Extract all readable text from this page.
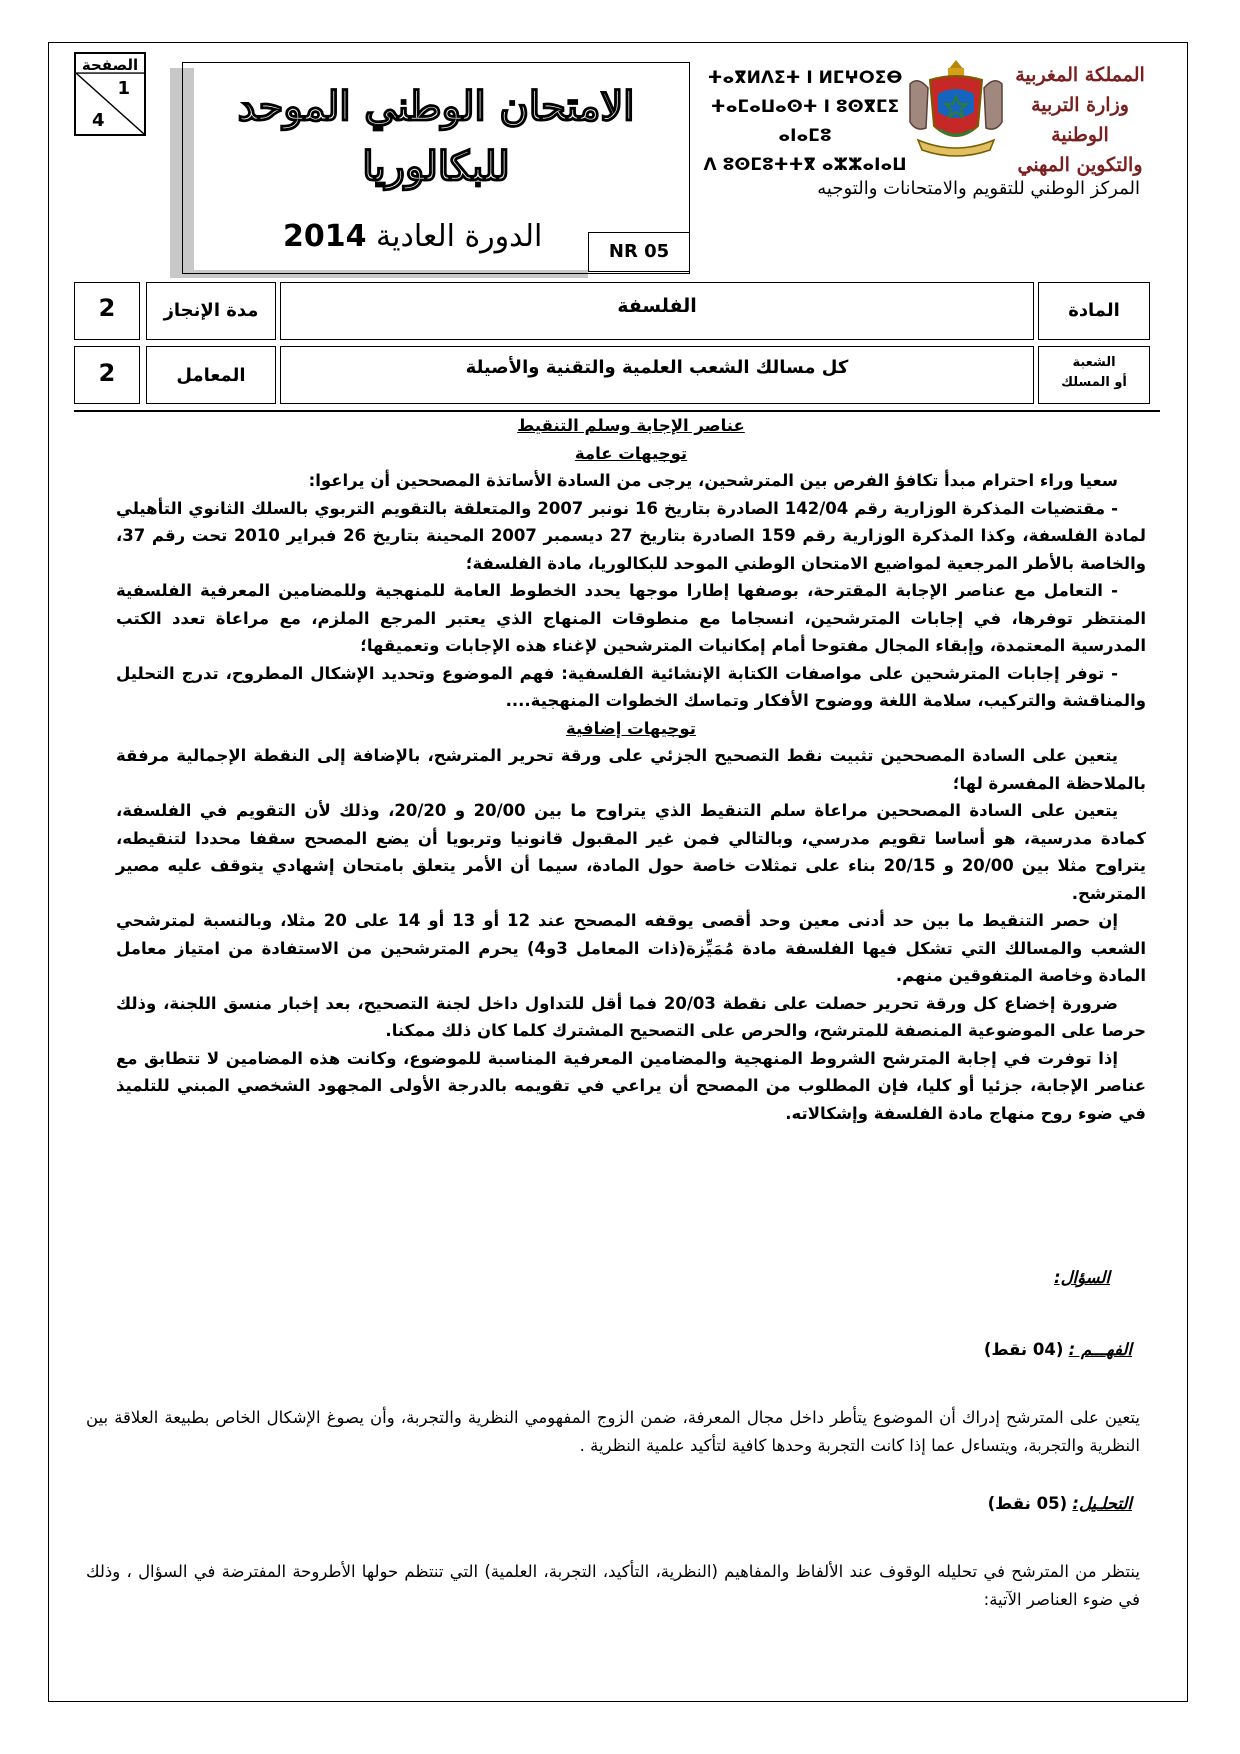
الصفحة
1
4	الامتحان الوطني الموحد
للبكالوريا
الدورة العادية 2014	NR 05
ⵜⴰⴳⵍⴷⵉⵜ ⵏ ⵍⵎⵖⵔⵉⴱ
ⵜⴰⵎⴰⵡⴰⵙⵜ ⵏ ⵓⵙⴳⵎⵉ ⴰⵏⴰⵎⵓ
ⴷ ⵓⵙⵎⵓⵜⵜⴳ ⴰⵣⵣⴰⵏⴰⵡ
المملكة المغربية
وزارة التربية الوطنية
والتكوين المهني
المركز الوطني للتقويم والامتحانات والتوجيه
2	مدة الإنجاز	الفلسفة	المادة
2	المعامل	كل مسالك الشعب العلمية والتقنية والأصيلة	الشعبة
أو المسلك

عناصر الإجابة وسلم التنقيط

توجيهات عامة

سعيا وراء احترام مبدأ تكافؤ الفرص بين المترشحين، يرجى من السادة الأساتذة المصححين أن يراعوا:

- مقتضيات المذكرة الوزارية رقم 142/04 الصادرة بتاريخ 16 نونبر 2007 والمتعلقة بالتقويم التربوي بالسلك الثانوي التأهيلي لمادة الفلسفة، وكذا المذكرة الوزارية رقم 159 الصادرة بتاريخ 27 ديسمبر 2007 المحينة بتاريخ 26 فبراير 2010 تحت رقم 37، والخاصة بالأطر المرجعية لمواضيع الامتحان الوطني الموحد للبكالوريا، مادة الفلسفة؛

- التعامل مع عناصر الإجابة المقترحة، بوصفها إطارا موجها يحدد الخطوط العامة للمنهجية وللمضامين المعرفية الفلسفية المنتظر توفرها، في إجابات المترشحين، انسجاما مع منطوقات المنهاج الذي يعتبر المرجع الملزم، مع مراعاة تعدد الكتب المدرسية المعتمدة، وإبقاء المجال مفتوحا أمام إمكانيات المترشحين لإغناء هذه الإجابات وتعميقها؛

- توفر إجابات المترشحين على مواصفات الكتابة الإنشائية الفلسفية: فهم الموضوع وتحديد الإشكال المطروح، تدرج التحليل والمناقشة والتركيب، سلامة اللغة ووضوح الأفكار وتماسك الخطوات المنهجية....

توجيهات إضافية

يتعين على السادة المصححين تثبيت نقط التصحيح الجزئي على ورقة تحرير المترشح، بالإضافة إلى النقطة الإجمالية مرفقة بالملاحظة المفسرة لها؛

يتعين على السادة المصححين مراعاة سلم التنقيط الذي يتراوح ما بين 20/00 و 20/20، وذلك لأن التقويم في الفلسفة، كمادة مدرسية، هو أساسا تقويم مدرسي، وبالتالي فمن غير المقبول قانونيا وتربويا أن يضع المصحح سقفا محددا لتنقيطه، يتراوح مثلا بين 20/00 و 20/15 بناء على تمثلات خاصة حول المادة، سيما أن الأمر يتعلق بامتحان إشهادي يتوقف عليه مصير المترشح.

إن حصر التنقيط ما بين حد أدنى معين وحد أقصى يوقفه المصحح عند 12 أو 13 أو 14 على 20 مثلا، وبالنسبة لمترشحي الشعب والمسالك التي تشكل فيها الفلسفة مادة مُمَيِّزة(ذات المعامل 3و4) يحرم المترشحين من الاستفادة من امتياز معامل المادة وخاصة المتفوقين منهم.

ضرورة إخضاع كل ورقة تحرير حصلت على نقطة 20/03 فما أقل للتداول داخل لجنة التصحيح، بعد إخبار منسق اللجنة، وذلك حرصا على الموضوعية المنصفة للمترشح، والحرص على التصحيح المشترك كلما كان ذلك ممكنا.

إذا توفرت في إجابة المترشح الشروط المنهجية والمضامين المعرفية المناسبة للموضوع، وكانت هذه المضامين لا تتطابق مع عناصر الإجابة، جزئيا أو كليا، فإن المطلوب من المصحح أن يراعي في تقويمه بالدرجة الأولى المجهود الشخصي المبني للتلميذ في ضوء روح منهاج مادة الفلسفة وإشكالاته.

السؤال:
الفهـــم : (04 نقط)
يتعين على المترشح إدراك أن الموضوع يتأطر داخل مجال المعرفة، ضمن الزوج المفهومي النظرية والتجربة، وأن يصوغ الإشكال الخاص بطبيعة العلاقة بين النظرية والتجربة، ويتساءل عما إذا كانت التجربة وحدها كافية لتأكيد علمية النظرية .
التحلـيل: (05 نقط)
ينتظر من المترشح في تحليله الوقوف عند الألفاظ والمفاهيم (النظرية، التأكيد، التجربة، العلمية) التي تنتظم حولها الأطروحة المفترضة في السؤال ، وذلك في ضوء العناصر الآتية:
